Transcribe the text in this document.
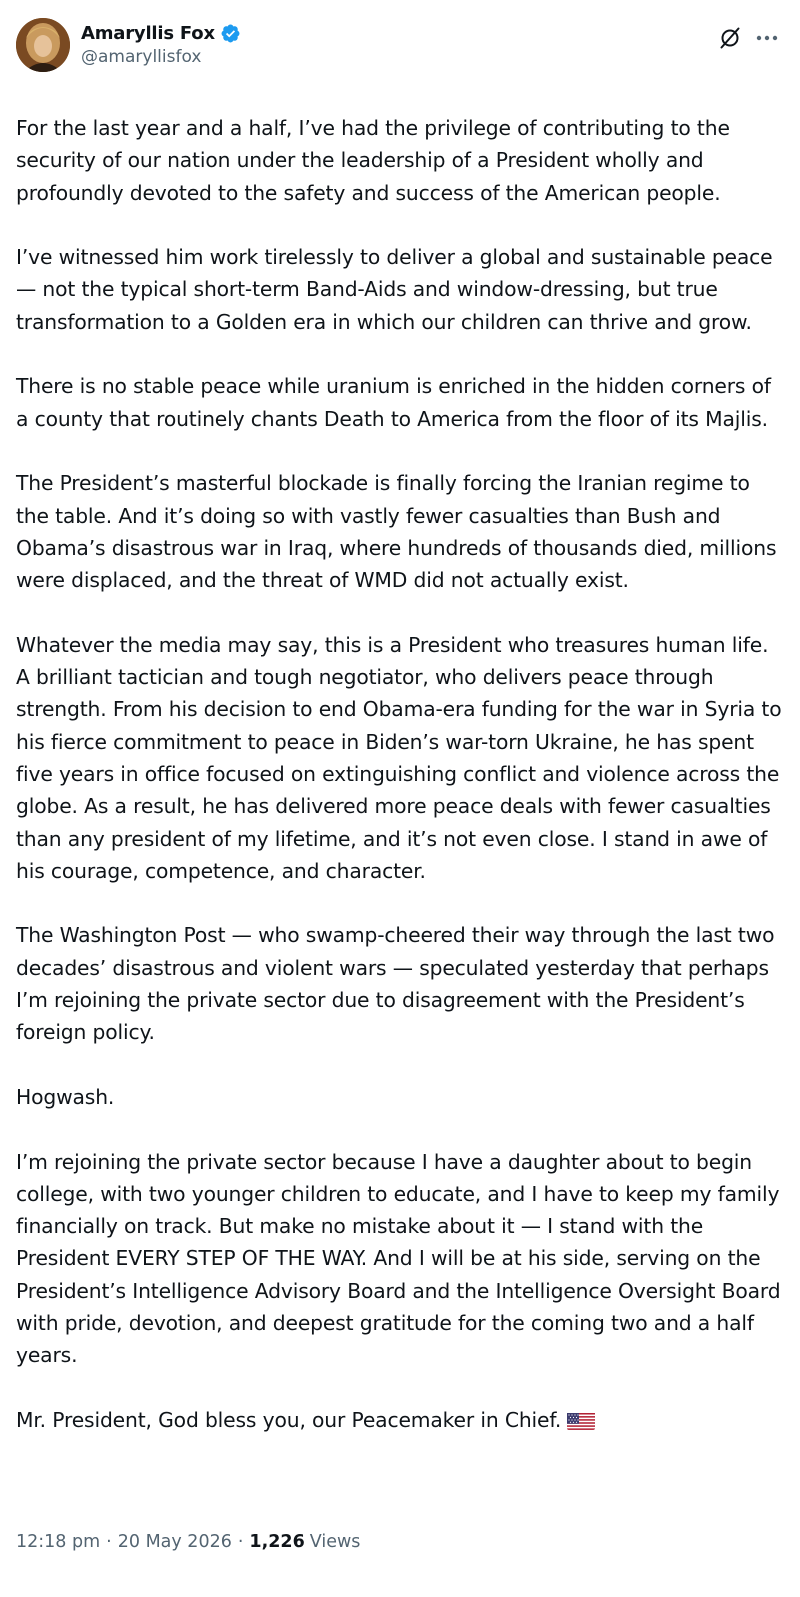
Amaryllis Fox
@amaryllisfox

For the last year and a half, I’ve had the privilege of contributing to the security of our nation under the leadership of a President wholly and profoundly devoted to the safety and success of the American people.

I’ve witnessed him work tirelessly to deliver a global and sustainable peace — not the typical short-term Band-Aids and window-dressing, but true transformation to a Golden era in which our children can thrive and grow.

There is no stable peace while uranium is enriched in the hidden corners of a county that routinely chants Death to America from the floor of its Majlis.

The President’s masterful blockade is finally forcing the Iranian regime to the table. And it’s doing so with vastly fewer casualties than Bush and Obama’s disastrous war in Iraq, where hundreds of thousands died, millions were displaced, and the threat of WMD did not actually exist.

Whatever the media may say, this is a President who treasures human life. A brilliant tactician and tough negotiator, who delivers peace through strength. From his decision to end Obama-era funding for the war in Syria to his fierce commitment to peace in Biden’s war-torn Ukraine, he has spent five years in office focused on extinguishing conflict and violence across the globe. As a result, he has delivered more peace deals with fewer casualties than any president of my lifetime, and it’s not even close. I stand in awe of his courage, competence, and character.

The Washington Post — who swamp-cheered their way through the last two decades’ disastrous and violent wars — speculated yesterday that perhaps I’m rejoining the private sector due to disagreement with the President’s foreign policy.

Hogwash.

I’m rejoining the private sector because I have a daughter about to begin college, with two younger children to educate, and I have to keep my family financially on track. But make no mistake about it — I stand with the President EVERY STEP OF THE WAY. And I will be at his side, serving on the President’s Intelligence Advisory Board and the Intelligence Oversight Board with pride, devotion, and deepest gratitude for the coming two and a half years.

Mr. President, God bless you, our Peacemaker in Chief.

12:18 pm · 20 May 2026 · 1,226 Views
